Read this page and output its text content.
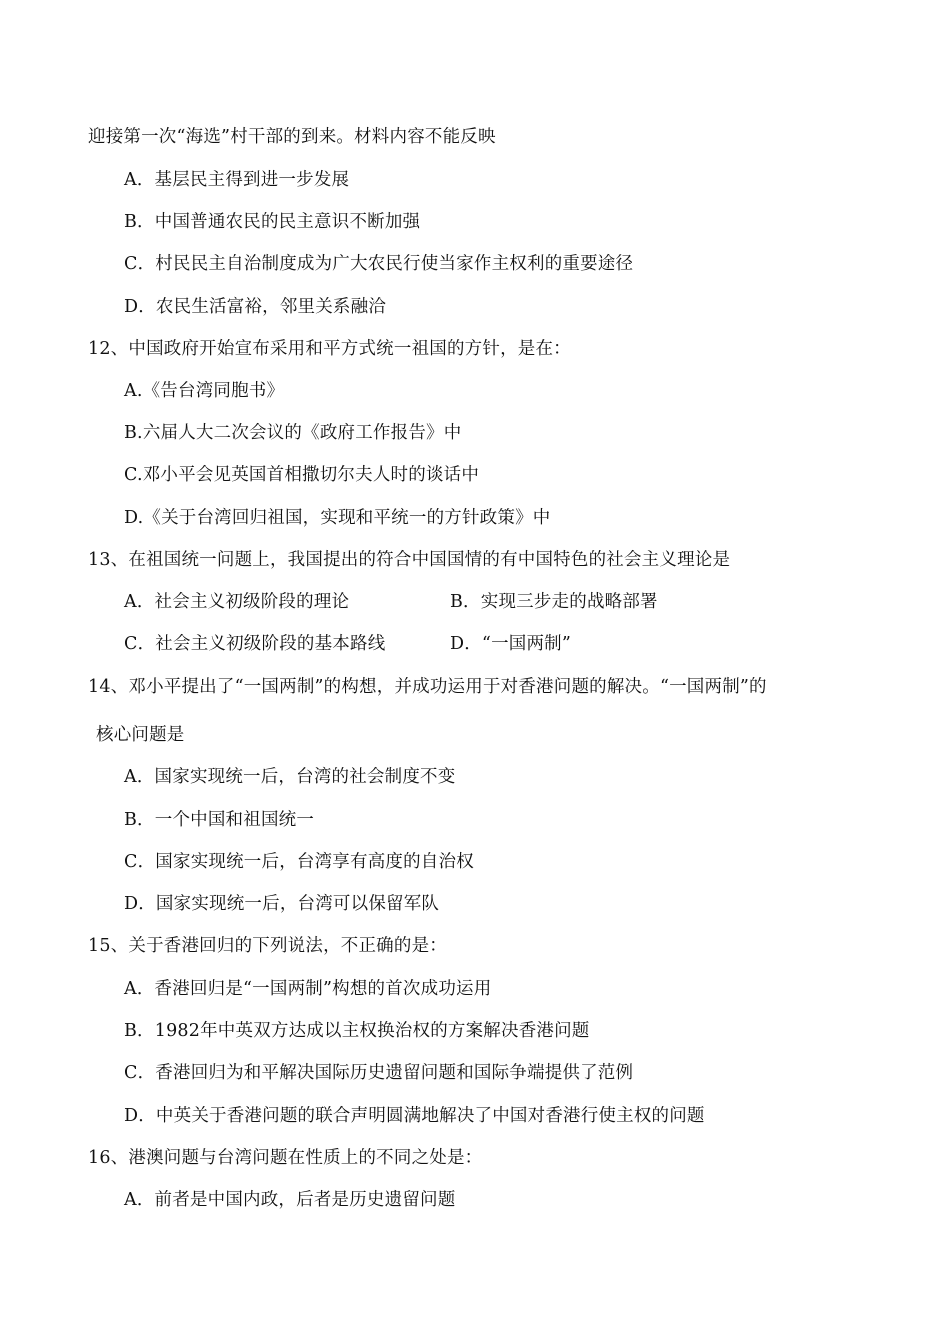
迎接第一次“海选”村干部的到来。材料内容不能反映
A．基层民主得到进一步发展
B．中国普通农民的民主意识不断加强
C．村民民主自治制度成为广大农民行使当家作主权利的重要途径
D．农民生活富裕，邻里关系融洽
12、中国政府开始宣布采用和平方式统一祖国的方针，是在：
A.《告台湾同胞书》
B.六届人大二次会议的《政府工作报告》中
C.邓小平会见英国首相撒切尔夫人时的谈话中
D.《关于台湾回归祖国，实现和平统一的方针政策》中
13、在祖国统一问题上，我国提出的符合中国国情的有中国特色的社会主义理论是
A．社会主义初级阶段的理论	B．实现三步走的战略部署
C．社会主义初级阶段的基本路线	D．“一国两制”
14、邓小平提出了“一国两制”的构想，并成功运用于对香港问题的解决。“一国两制”的
核心问题是
A．国家实现统一后，台湾的社会制度不变
B．一个中国和祖国统一
C．国家实现统一后，台湾享有高度的自治权
D．国家实现统一后，台湾可以保留军队
15、关于香港回归的下列说法，不正确的是：
A．香港回归是“一国两制”构想的首次成功运用
B．1982年中英双方达成以主权换治权的方案解决香港问题
C．香港回归为和平解决国际历史遗留问题和国际争端提供了范例
D．中英关于香港问题的联合声明圆满地解决了中国对香港行使主权的问题
16、港澳问题与台湾问题在性质上的不同之处是：
A．前者是中国内政，后者是历史遗留问题
